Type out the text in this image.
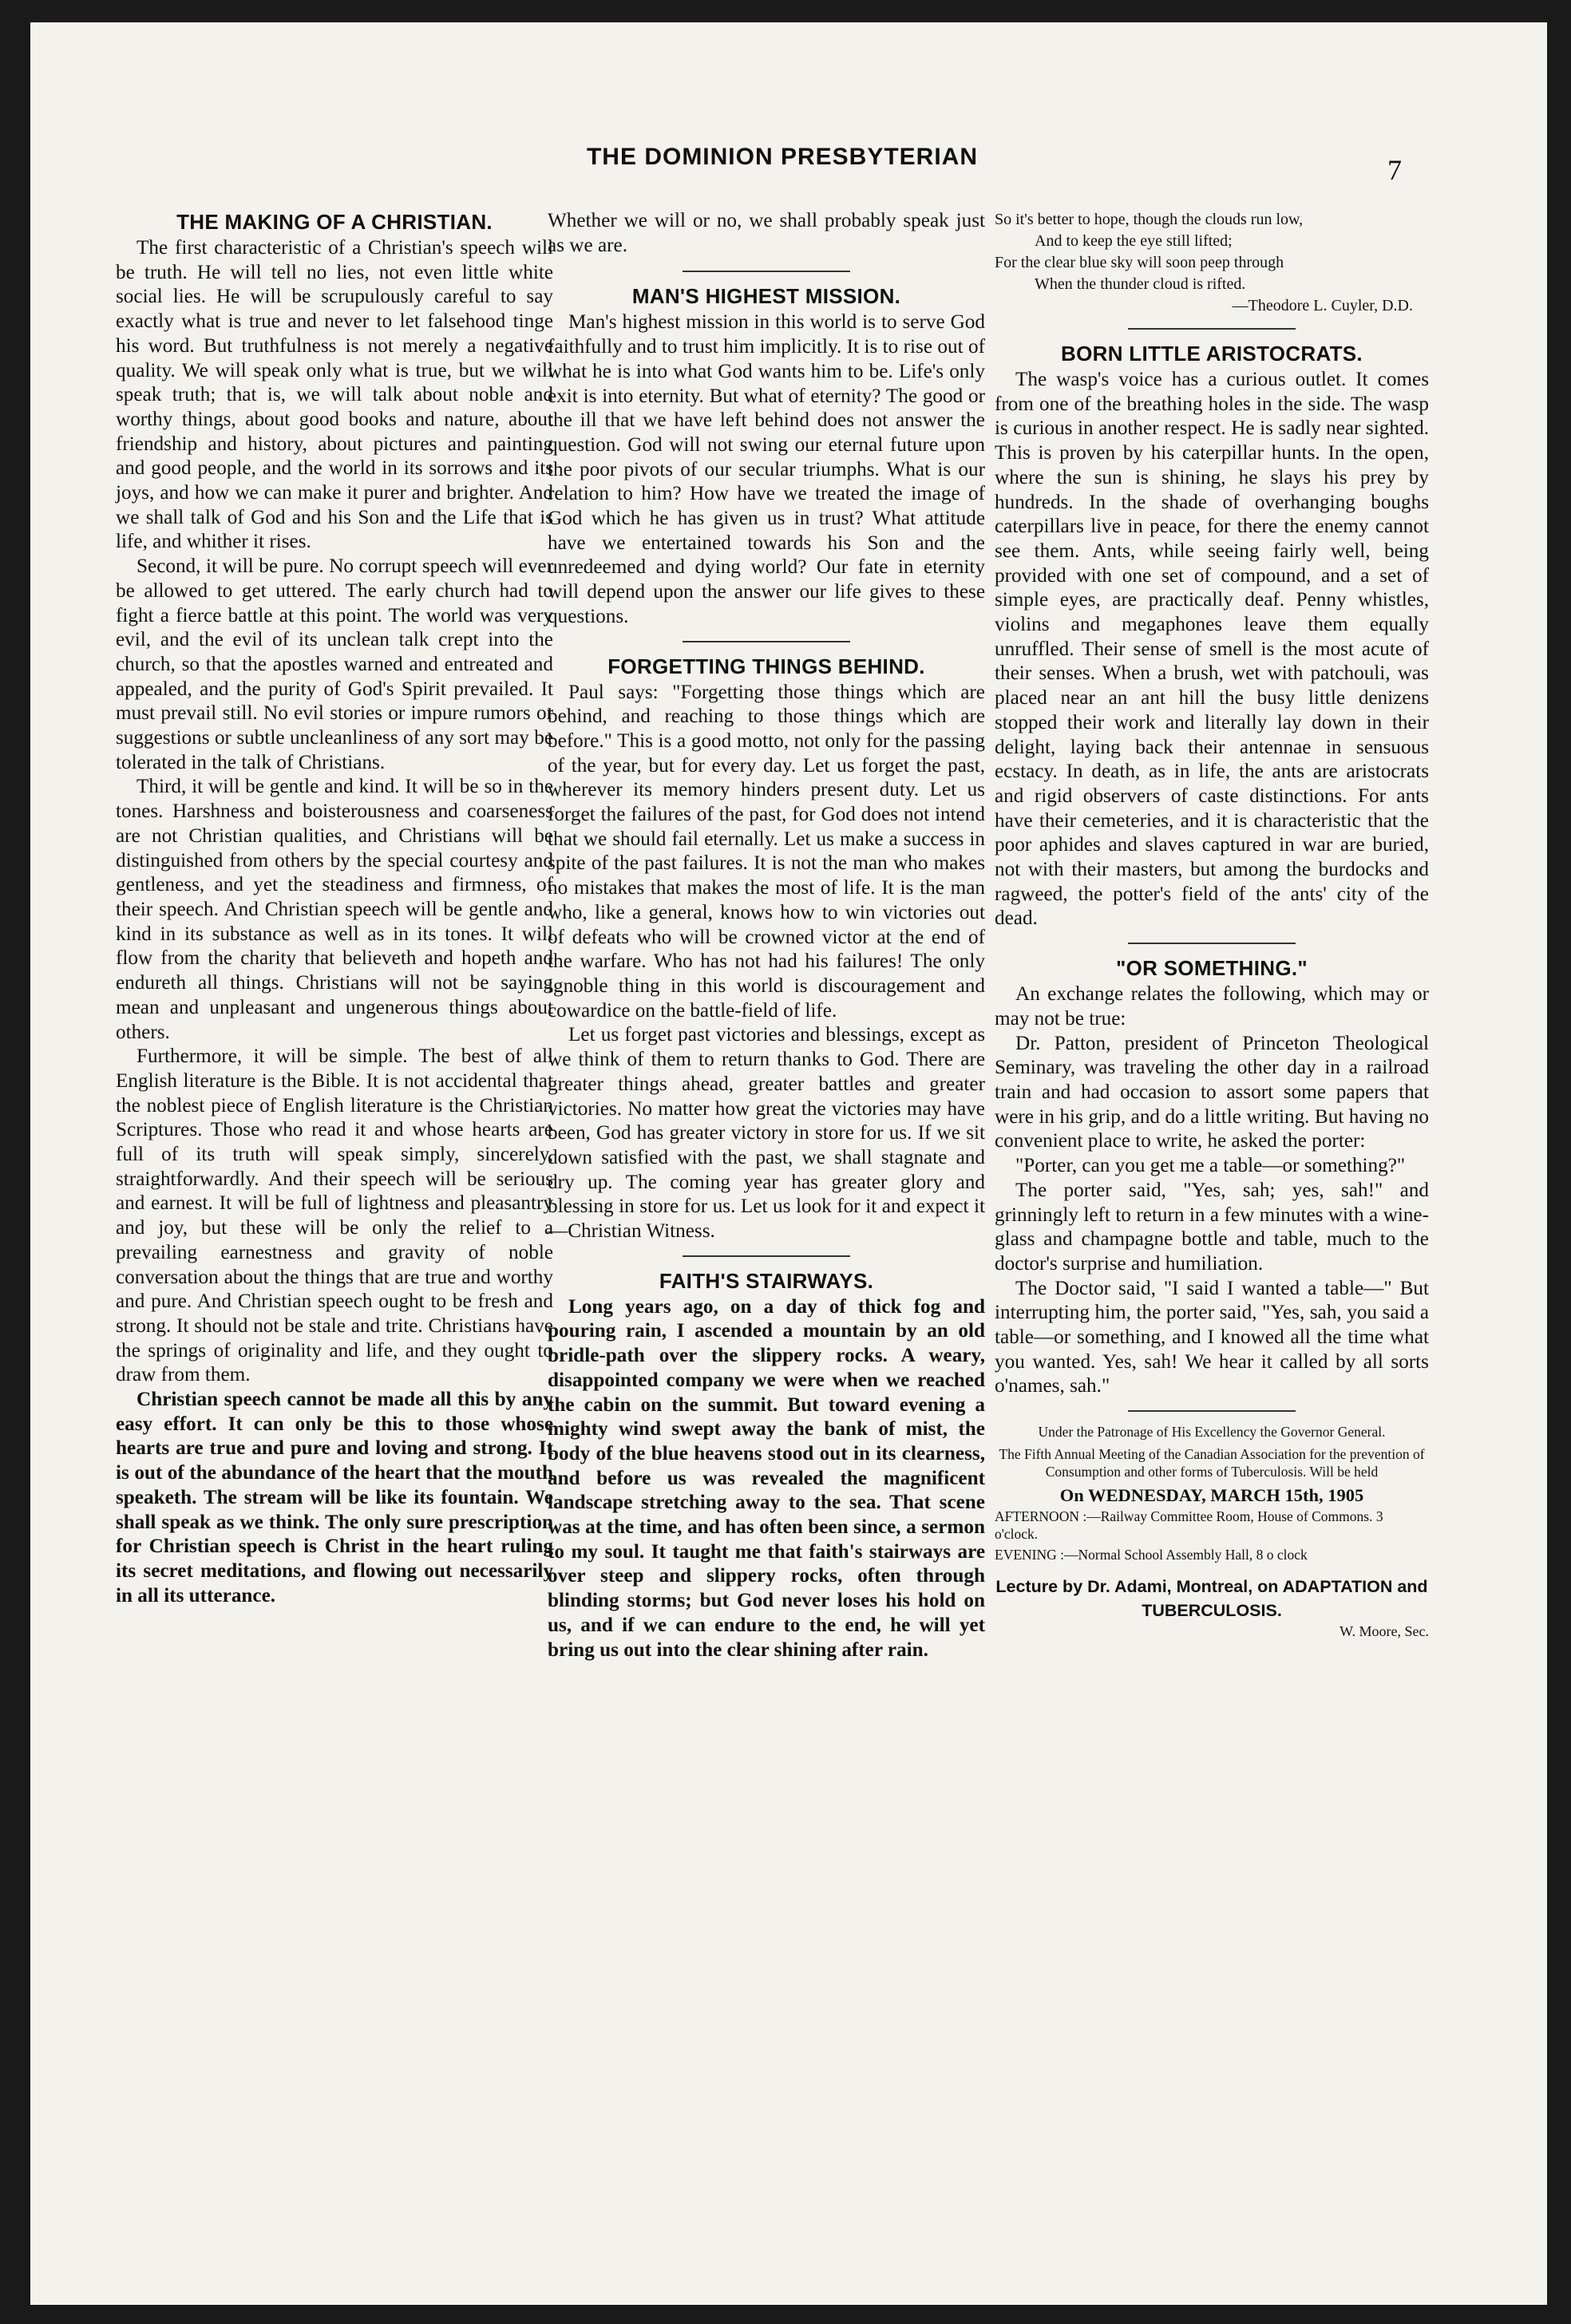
THE DOMINION PRESBYTERIAN	7
THE MAKING OF A CHRISTIAN.

The first characteristic of a Christian's speech will be truth. He will tell no lies, not even little white social lies. He will be scrupulously careful to say exactly what is true and never to let falsehood tinge his word. But truthfulness is not merely a negative quality. We will speak only what is true, but we will speak truth; that is, we will talk about noble and worthy things, about good books and nature, about friendship and history, about pictures and painting and good people, and the world in its sorrows and its joys, and how we can make it purer and brighter. And we shall talk of God and his Son and the Life that is life, and whither it rises.

Second, it will be pure. No corrupt speech will ever be allowed to get uttered. The early church had to fight a fierce battle at this point. The world was very evil, and the evil of its unclean talk crept into the church, so that the apostles warned and entreated and appealed, and the purity of God's Spirit prevailed. It must prevail still. No evil stories or impure rumors or suggestions or subtle uncleanliness of any sort may be tolerated in the talk of Christians.

Third, it will be gentle and kind. It will be so in the tones. Harshness and boisterousness and coarseness are not Christian qualities, and Christians will be distinguished from others by the special courtesy and gentleness, and yet the steadiness and firmness, of their speech. And Christian speech will be gentle and kind in its substance as well as in its tones. It will flow from the charity that believeth and hopeth and endureth all things. Christians will not be saying mean and unpleasant and ungenerous things about others.

Furthermore, it will be simple. The best of all English literature is the Bible. It is not accidental that the noblest piece of English literature is the Christian Scriptures. Those who read it and whose hearts are full of its truth will speak simply, sincerely, straightforwardly. And their speech will be serious and earnest. It will be full of lightness and pleasantry and joy, but these will be only the relief to a prevailing earnestness and gravity of noble conversation about the things that are true and worthy and pure. And Christian speech ought to be fresh and strong. It should not be stale and trite. Christians have the springs of originality and life, and they ought to draw from them.

Christian speech cannot be made all this by any easy effort. It can only be this to those whose hearts are true and pure and loving and strong. It is out of the abundance of the heart that the mouth speaketh. The stream will be like its fountain. We shall speak as we think. The only sure prescription for Christian speech is Christ in the heart ruling its secret meditations, and flowing out necessarily in all its utterance.

Whether we will or no, we shall probably speak just as we are.

MAN'S HIGHEST MISSION.

Man's highest mission in this world is to serve God faithfully and to trust him implicitly. It is to rise out of what he is into what God wants him to be. Life's only exit is into eternity. But what of eternity? The good or the ill that we have left behind does not answer the question. God will not swing our eternal future upon the poor pivots of our secular triumphs. What is our relation to him? How have we treated the image of God which he has given us in trust? What attitude have we entertained towards his Son and the unredeemed and dying world? Our fate in eternity will depend upon the answer our life gives to these questions.

FORGETTING THINGS BEHIND.

Paul says: "Forgetting those things which are behind, and reaching to those things which are before." This is a good motto, not only for the passing of the year, but for every day. Let us forget the past, wherever its memory hinders present duty. Let us forget the failures of the past, for God does not intend that we should fail eternally. Let us make a success in spite of the past failures. It is not the man who makes no mistakes that makes the most of life. It is the man who, like a general, knows how to win victories out of defeats who will be crowned victor at the end of the warfare. Who has not had his failures! The only ignoble thing in this world is discouragement and cowardice on the battle-field of life.

Let us forget past victories and blessings, except as we think of them to return thanks to God. There are greater things ahead, greater battles and greater victories. No matter how great the victories may have been, God has greater victory in store for us. If we sit down satisfied with the past, we shall stagnate and dry up. The coming year has greater glory and blessing in store for us. Let us look for it and expect it —Christian Witness.

FAITH'S STAIRWAYS.

Long years ago, on a day of thick fog and pouring rain, I ascended a mountain by an old bridle-path over the slippery rocks. A weary, disappointed company we were when we reached the cabin on the summit. But toward evening a mighty wind swept away the bank of mist, the body of the blue heavens stood out in its clearness, and before us was revealed the magnificent landscape stretching away to the sea. That scene was at the time, and has often been since, a sermon to my soul. It taught me that faith's stairways are over steep and slippery rocks, often through blinding storms; but God never loses his hold on us, and if we can endure to the end, he will yet bring us out into the clear shining after rain.

So it's better to hope, though the clouds run low,
And to keep the eye still lifted;
For the clear blue sky will soon peep through
When the thunder cloud is rifted.
—Theodore L. Cuyler, D.D.
BORN LITTLE ARISTOCRATS.

The wasp's voice has a curious outlet. It comes from one of the breathing holes in the side. The wasp is curious in another respect. He is sadly near sighted. This is proven by his caterpillar hunts. In the open, where the sun is shining, he slays his prey by hundreds. In the shade of overhanging boughs caterpillars live in peace, for there the enemy cannot see them. Ants, while seeing fairly well, being provided with one set of compound, and a set of simple eyes, are practically deaf. Penny whistles, violins and megaphones leave them equally unruffled. Their sense of smell is the most acute of their senses. When a brush, wet with patchouli, was placed near an ant hill the busy little denizens stopped their work and literally lay down in their delight, laying back their antennae in sensuous ecstacy. In death, as in life, the ants are aristocrats and rigid observers of caste distinctions. For ants have their cemeteries, and it is characteristic that the poor aphides and slaves captured in war are buried, not with their masters, but among the burdocks and ragweed, the potter's field of the ants' city of the dead.

"OR SOMETHING."

An exchange relates the following, which may or may not be true:

Dr. Patton, president of Princeton Theological Seminary, was traveling the other day in a railroad train and had occasion to assort some papers that were in his grip, and do a little writing. But having no convenient place to write, he asked the porter:

"Porter, can you get me a table—or something?"

The porter said, "Yes, sah; yes, sah!" and grinningly left to return in a few minutes with a wine-glass and champagne bottle and table, much to the doctor's surprise and humiliation.

The Doctor said, "I said I wanted a table—" But interrupting him, the porter said, "Yes, sah, you said a table—or something, and I knowed all the time what you wanted. Yes, sah! We hear it called by all sorts o'names, sah."

Under the Patronage of His Excellency the Governor General.
The Fifth Annual Meeting of the Canadian Association for the prevention of Consumption and other forms of Tuberculosis. Will be held
On WEDNESDAY, MARCH 15th, 1905
AFTERNOON :—Railway Committee Room, House of Commons. 3 o'clock.
EVENING :—Normal School Assembly Hall, 8 o clock
Lecture by Dr. Adami, Montreal, on ADAPTATION and TUBERCULOSIS.
W. Moore, Sec.
